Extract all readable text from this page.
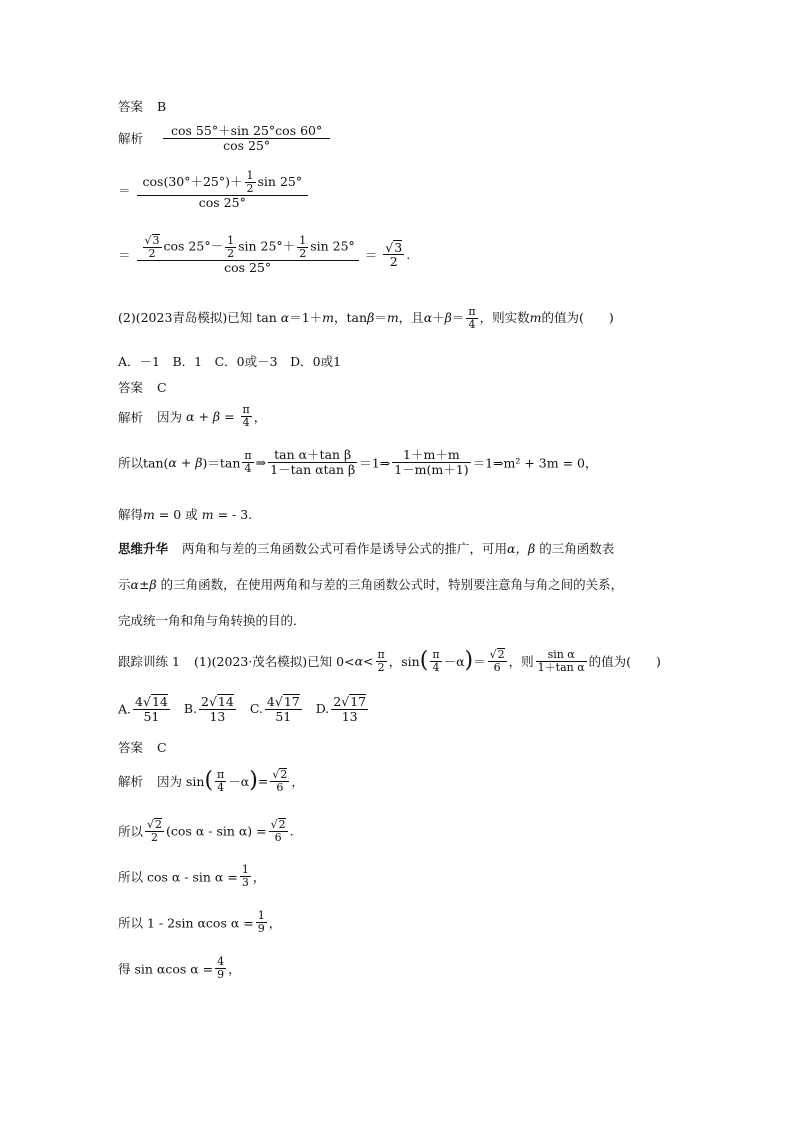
答案 B
解析 $\frac{\cos 55^\circ+\sin 25^\circ\cos 60^\circ}{\cos 25^\circ}$
＝ $\frac{\cos(30^\circ+25^\circ)+ \frac{1}{2} \sin 25^\circ}{\cos 25^\circ}$
＝ $\frac{\frac{√3}{2} \cos 25^\circ- \frac{1}{2} \sin 25^\circ+ \frac{1}{2} \sin 25^\circ}{\cos 25^\circ} = \frac{√3}{2}$ .
(2)(2023青岛模拟)已知 tan α＝1＋m，tanβ＝m，且$\alpha+\beta= \frac{\pi}{4}$ ，则实数m的值为(　　)
A．－1　B．1　C．0或－3　D．0或1
答案 C
解析 因为 $\alpha + \beta = \frac{\pi}{4}$ ，
所以$\tan(\alpha + \beta)=\tan \frac{\pi}{4}$ ⇒ $\frac{\text{tan α＋tan β}}{\text{1－tan αtan β}}$ ＝1⇒ $\frac{1+m+m}{1-m(m+1)}$ ＝1⇒m² + 3m = 0，
解得m = 0 或 m = - 3.
思维升华 两角和与差的三角函数公式可看作是诱导公式的推广，可用α，β 的三角函数表
示α±β 的三角函数，在使用两角和与差的三角函数公式时，特别要注意角与角之间的关系，
完成统一角和角与角转换的目的．
跟踪训练 1 (1)(2023·茂名模拟)已知 $0<\alpha< \frac{\pi}{2}$ ，$\sin( \frac{\pi}{4} -\alpha)= \frac{√2}{6}$ ，则 $\frac{\text{sin α}}{\text{1＋tan α}}$ 的值为(　　)
A. $\frac{4√14}{51} B$. $\frac{2√14}{13} C$. $\frac{4√17}{51} D$. $\frac{2√17}{13}$
答案 C
解析 因为 $\sin( \frac{\pi}{4} -\alpha)= \frac{√2}{6}$ ，
所以 $\frac{√2}{2} (\cos$ $\alpha - \sin \alpha) = \frac{√2}{6}$ .
所以 $\cos \alpha - \sin \alpha = \frac{1}{3}$ ，
所以 1 - 2sin αcos $\alpha = \frac{1}{9}$ ，
得 sin αcos $\alpha = \frac{4}{9}$ ，
